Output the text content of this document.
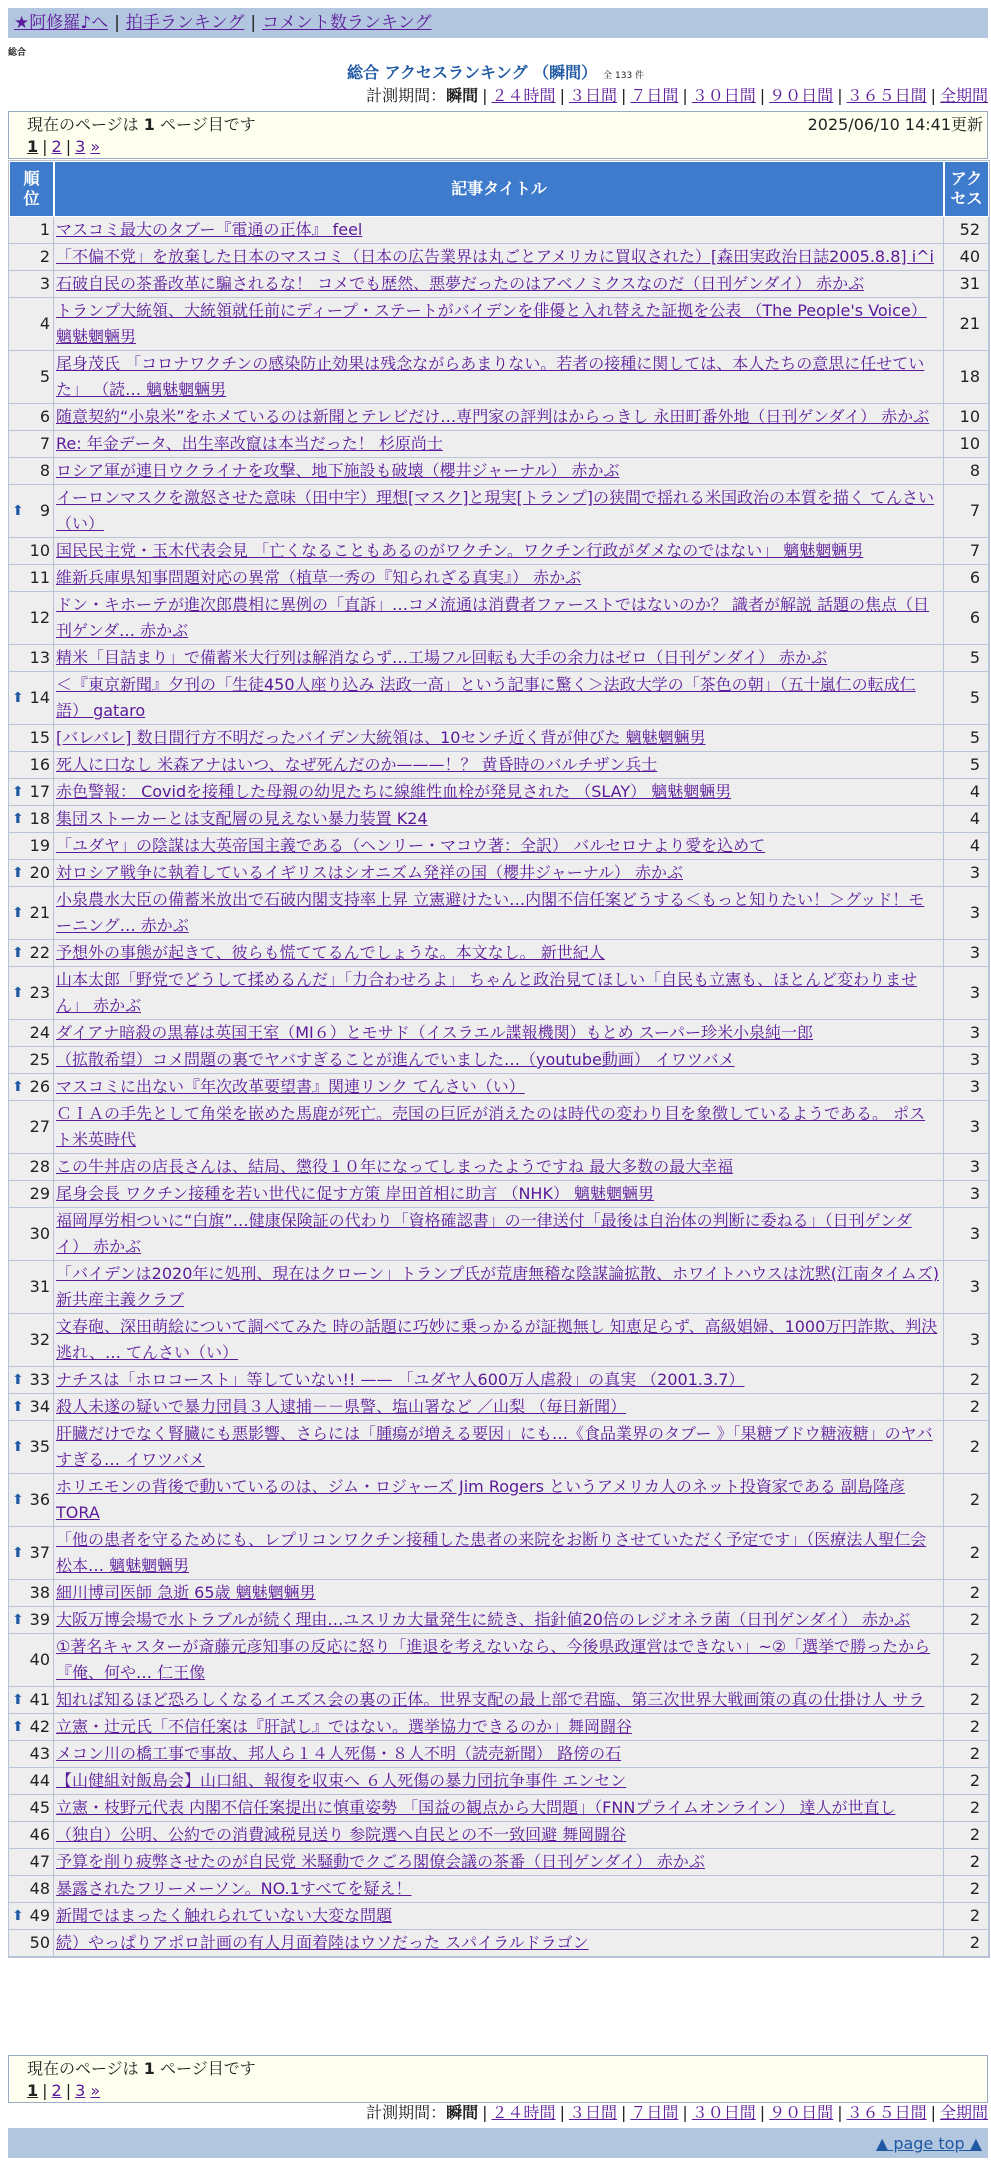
★阿修羅♪へ | 拍手ランキング | コメント数ランキング
総合
総合 アクセスランキング （瞬間） 全 133 件
計測期間：瞬間 | ２４時間 | ３日間 | ７日間 | ３０日間 | ９０日間 | ３６５日間 | 全期間
現在のページは 1 ページ目です	2025/06/10 14:41更新
1 | 2 | 3 »
順
位	記事タイトル	アク
セス
1	マスコミ最大のタブー『電通の正体』 feel	52
2	「不偏不党」を放棄した日本のマスコミ（日本の広告業界は丸ごとアメリカに買収された）[森田実政治日誌2005.8.8] i^i	40
3	石破自民の茶番改革に騙されるな！ コメでも歴然、悪夢だったのはアベノミクスなのだ（日刊ゲンダイ） 赤かぶ	31
4	トランプ大統領、大統領就任前にディープ・ステートがバイデンを俳優と入れ替えた証拠を公表 （The People's Voice） 魑魅魍魎男	21
5	尾身茂氏 「コロナワクチンの感染防止効果は残念ながらあまりない。若者の接種に関しては、本人たちの意思に任せていた」 （読… 魑魅魍魎男	18
6	随意契約“小泉米”をホメているのは新聞とテレビだけ…専門家の評判はからっきし 永田町番外地（日刊ゲンダイ） 赤かぶ	10
7	Re: 年金データ、出生率改竄は本当だった！ 杉原尚士	10
8	ロシア軍が連日ウクライナを攻撃、地下施設も破壊（櫻井ジャーナル） 赤かぶ	8

⬆ 9	イーロンマスクを激怒させた意味（田中宇）理想[マスク]と現実[トランプ]の狭間で揺れる米国政治の本質を描く てんさい（い）	7
10	国民民主党・玉木代表会見 「亡くなることもあるのがワクチン。ワクチン行政がダメなのではない」 魑魅魍魎男	7
11	維新兵庫県知事問題対応の異常（植草一秀の『知られざる真実』） 赤かぶ	6
12	ドン・キホーテが進次郎農相に異例の「直訴」…コメ流通は消費者ファーストではないのか？ 識者が解説 話題の焦点（日刊ゲンダ… 赤かぶ	6
13	精米「目詰まり」で備蓄米大行列は解消ならず…工場フル回転も大手の余力はゼロ（日刊ゲンダイ） 赤かぶ	5

⬆ 14	＜『東京新聞』夕刊の「生徒450人座り込み 法政一高」という記事に驚く＞法政大学の「茶色の朝」（五十嵐仁の転成仁語） gataro	5
15	[バレバレ] 数日間行方不明だったバイデン大統領は、10センチ近く背が伸びた 魑魅魍魎男	5
16	死人に口なし 米森アナはいつ、なぜ死んだのか———！？ 黄昏時のバルチザン兵士	5

⬆ 17	赤色警報： Covidを接種した母親の幼児たちに線維性血栓が発見された （SLAY） 魑魅魍魎男	4

⬆ 18	集団ストーカーとは支配層の見えない暴力装置 K24	4
19	「ユダヤ」の陰謀は大英帝国主義である（ヘンリー・マコウ著：全訳） バルセロナより愛を込めて	4

⬆ 20	対ロシア戦争に執着しているイギリスはシオニズム発祥の国（櫻井ジャーナル） 赤かぶ	3

⬆ 21	小泉農水大臣の備蓄米放出で石破内閣支持率上昇 立憲避けたい…内閣不信任案どうする＜もっと知りたい！＞グッド！モーニング… 赤かぶ	3

⬆ 22	予想外の事態が起きて、彼らも慌ててるんでしょうな。本文なし。 新世紀人	3

⬆ 23	山本太郎「野党でどうして揉めるんだ」「力合わせろよ」 ちゃんと政治見てほしい「自民も立憲も、ほとんど変わりません」 赤かぶ	3
24	ダイアナ暗殺の黒幕は英国王室（MI６）とモサド（イスラエル諜報機関）もとめ スーパー珍米小泉純一郎	3
25	（拡散希望）コメ問題の裏でヤバすぎることが進んでいました…（youtube動画） イワツバメ	3

⬆ 26	マスコミに出ない『年次改革要望書』関連リンク てんさい（い）	3
27	ＣＩＡの手先として角栄を嵌めた馬鹿が死亡。売国の巨匠が消えたのは時代の変わり目を象徴しているようである。 ポスト米英時代	3
28	この牛丼店の店長さんは、結局、懲役１０年になってしまったようですね 最大多数の最大幸福	3
29	尾身会長 ワクチン接種を若い世代に促す方策 岸田首相に助言 （NHK） 魑魅魍魎男	3
30	福岡厚労相ついに“白旗”…健康保険証の代わり「資格確認書」の一律送付「最後は自治体の判断に委ねる」（日刊ゲンダイ） 赤かぶ	3
31	「バイデンは2020年に処刑、現在はクローン」トランプ氏が荒唐無稽な陰謀論拡散、ホワイトハウスは沈黙(江南タイムズ) 新共産主義クラブ	3
32	文春砲、深田萌絵について調べてみた 時の話題に巧妙に乗っかるが証拠無し 知恵足らず、高級娼婦、1000万円詐欺、判決逃れ、… てんさい（い）	3

⬆ 33	ナチスは「ホロコースト」等していない!! —— 「ユダヤ人600万人虐殺」の真実 （2001.3.7）	2

⬆ 34	殺人未遂の疑いで暴力団員３人逮捕－－県警、塩山署など ／山梨 （毎日新聞）	2

⬆ 35	肝臓だけでなく腎臓にも悪影響、さらには「腫瘍が増える要因」にも…《食品業界のタブー 》「果糖ブドウ糖液糖」のヤバすぎる… イワツバメ	2

⬆ 36	ホリエモンの背後で動いているのは、ジム・ロジャーズ Jim Rogers というアメリカ人のネット投資家である 副島隆彦 TORA	2

⬆ 37	「他の患者を守るためにも、レプリコンワクチン接種した患者の来院をお断りさせていただく予定です」（医療法人聖仁会 松本… 魑魅魍魎男	2
38	細川博司医師 急逝 65歳 魑魅魍魎男	2

⬆ 39	大阪万博会場で水トラブルが続く理由…ユスリカ大量発生に続き、指針値20倍のレジオネラ菌（日刊ゲンダイ） 赤かぶ	2
40	①著名キャスターが斎藤元彦知事の反応に怒り「進退を考えないなら、今後県政運営はできない」~②「選挙で勝ったから『俺、何や… 仁王像	2

⬆ 41	知れば知るほど恐ろしくなるイエズス会の裏の正体。世界支配の最上部で君臨、第三次世界大戦画策の真の仕掛け人 サラ	2

⬆ 42	立憲・辻元氏「不信任案は『肝試し』ではない。選挙協力できるのか」舞岡闘谷	2
43	メコン川の橋工事で事故、邦人ら１４人死傷・８人不明（読売新聞） 路傍の石	2
44	【山健組対飯島会】山口組、報復を収束へ ６人死傷の暴力団抗争事件 エンセン	2
45	立憲・枝野元代表 内閣不信任案提出に慎重姿勢 「国益の観点から大問題」（FNNプライムオンライン） 達人が世直し	2
46	（独自）公明、公約での消費減税見送り 参院選へ自民との不一致回避 舞岡闘谷	2
47	予算を削り疲弊させたのが自民党 米騒動でクごろ閣僚会議の茶番（日刊ゲンダイ） 赤かぶ	2
48	暴露されたフリーメーソン。NO.1すべてを疑え！	2

⬆ 49	新聞ではまったく触れられていない大変な問題	2
50	続）やっぱりアポロ計画の有人月面着陸はウソだった スパイラルドラゴン	2
現在のページは 1 ページ目です
1 | 2 | 3 »
計測期間：瞬間 | ２４時間 | ３日間 | ７日間 | ３０日間 | ９０日間 | ３６５日間 | 全期間
▲ page top ▲
